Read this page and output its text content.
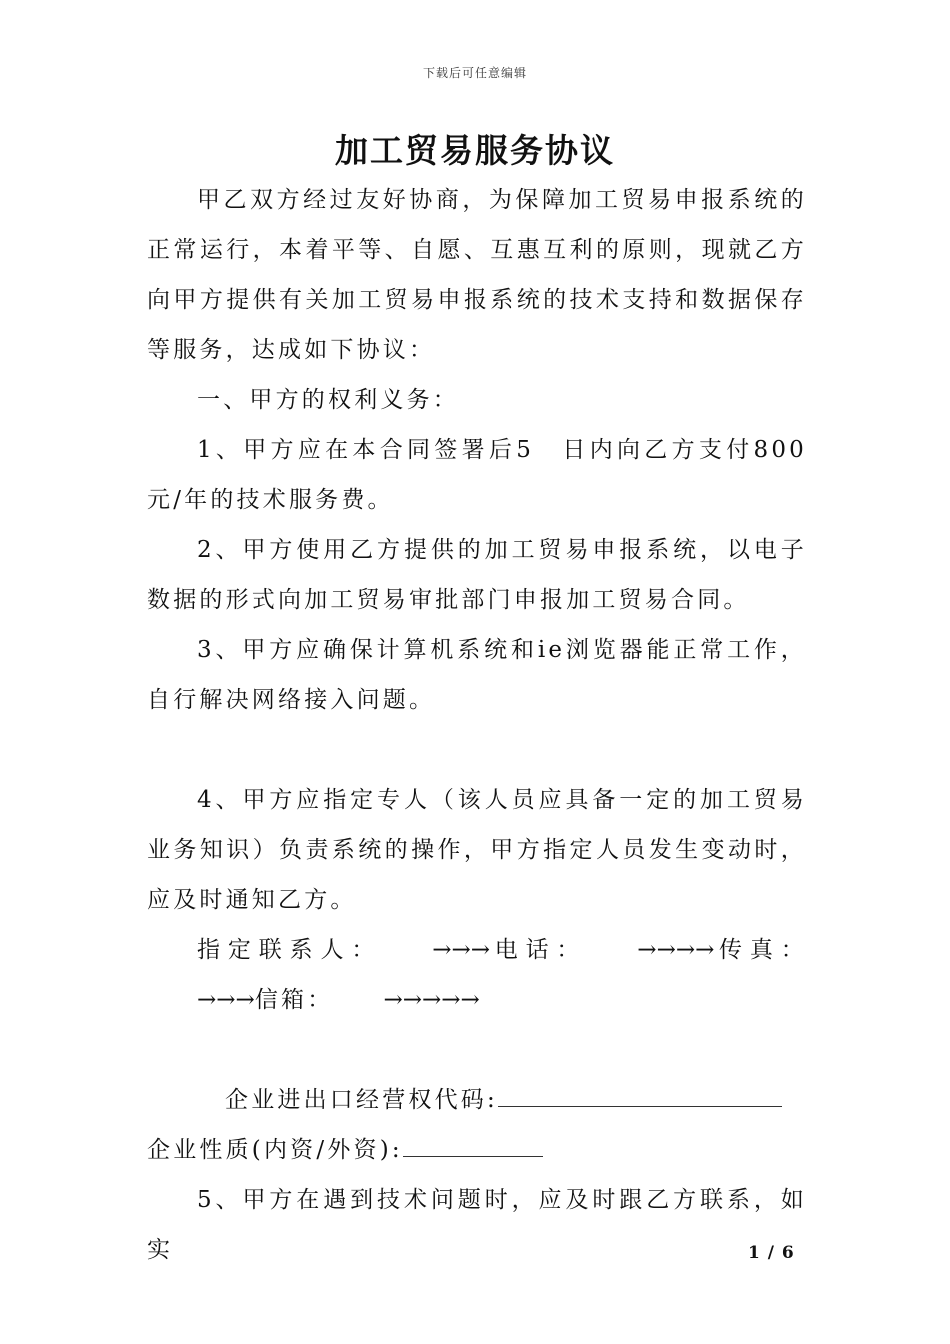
下载后可任意编辑
加工贸易服务协议

甲乙双方经过友好协商，为保障加工贸易申报系统的正常运行，本着平等、自愿、互惠互利的原则，现就乙方向甲方提供有关加工贸易申报系统的技术支持和数据保存等服务，达成如下协议：

一、甲方的权利义务：

1、甲方应在本合同签署后5　日内向乙方支付800　元/年的技术服务费。

2、甲方使用乙方提供的加工贸易申报系统，以电子数据的形式向加工贸易审批部门申报加工贸易合同。

3、甲方应确保计算机系统和ie浏览器能正常工作，自行解决网络接入问题。

4、甲方应指定专人（该人员应具备一定的加工贸易业务知识）负责系统的操作，甲方指定人员发生变动时，应及时通知乙方。

指定联系人： →→→电话： →→→→传真：→→→信箱： →→→→→

企业进出口经营权代码:

企业性质(内资/外资):

5、甲方在遇到技术问题时，应及时跟乙方联系，如实	1 / 6
